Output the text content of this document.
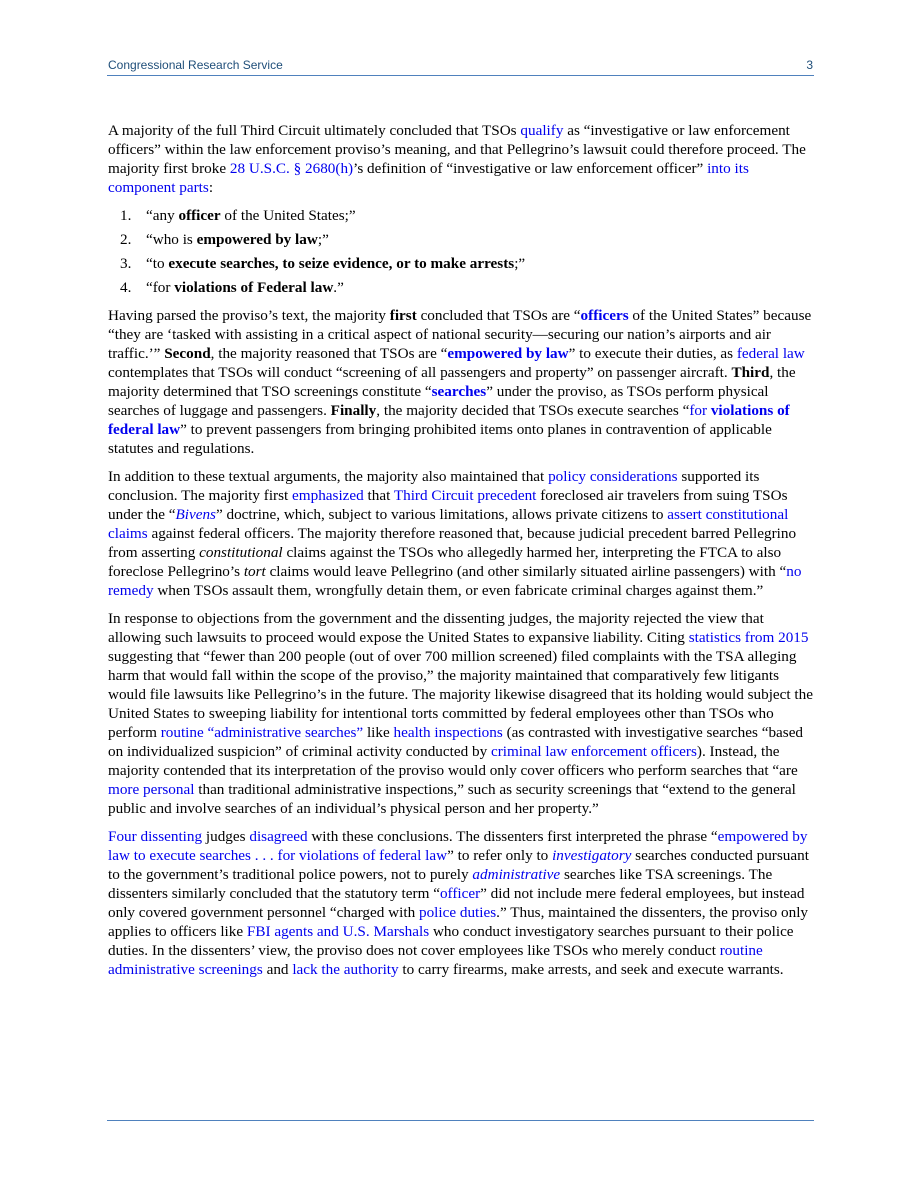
Congressional Research Service	3

A majority of the full Third Circuit ultimately concluded that TSOs qualify as “investigative or law enforcement officers” within the law enforcement proviso’s meaning, and that Pellegrino’s lawsuit could therefore proceed. The majority first broke 28 U.S.C. § 2680(h)’s definition of “investigative or law enforcement officer” into its component parts:

1. “any officer of the United States;”
2. “who is empowered by law;”
3. “to execute searches, to seize evidence, or to make arrests;”
4. “for violations of Federal law.”

Having parsed the proviso’s text, the majority first concluded that TSOs are “officers of the United States” because “they are ‘tasked with assisting in a critical aspect of national security—securing our nation’s airports and air traffic.’” Second, the majority reasoned that TSOs are “empowered by law” to execute their duties, as federal law contemplates that TSOs will conduct “screening of all passengers and property” on passenger aircraft. Third, the majority determined that TSO screenings constitute “searches” under the proviso, as TSOs perform physical searches of luggage and passengers. Finally, the majority decided that TSOs execute searches “for violations of federal law” to prevent passengers from bringing prohibited items onto planes in contravention of applicable statutes and regulations.

In addition to these textual arguments, the majority also maintained that policy considerations supported its conclusion. The majority first emphasized that Third Circuit precedent foreclosed air travelers from suing TSOs under the “Bivens” doctrine, which, subject to various limitations, allows private citizens to assert constitutional claims against federal officers. The majority therefore reasoned that, because judicial precedent barred Pellegrino from asserting constitutional claims against the TSOs who allegedly harmed her, interpreting the FTCA to also foreclose Pellegrino’s tort claims would leave Pellegrino (and other similarly situated airline passengers) with “no remedy when TSOs assault them, wrongfully detain them, or even fabricate criminal charges against them.”

In response to objections from the government and the dissenting judges, the majority rejected the view that allowing such lawsuits to proceed would expose the United States to expansive liability. Citing statistics from 2015 suggesting that “fewer than 200 people (out of over 700 million screened) filed complaints with the TSA alleging harm that would fall within the scope of the proviso,” the majority maintained that comparatively few litigants would file lawsuits like Pellegrino’s in the future. The majority likewise disagreed that its holding would subject the United States to sweeping liability for intentional torts committed by federal employees other than TSOs who perform routine “administrative searches” like health inspections (as contrasted with investigative searches “based on individualized suspicion” of criminal activity conducted by criminal law enforcement officers). Instead, the majority contended that its interpretation of the proviso would only cover officers who perform searches that “are more personal than traditional administrative inspections,” such as security screenings that “extend to the general public and involve searches of an individual’s physical person and her property.”

Four dissenting judges disagreed with these conclusions. The dissenters first interpreted the phrase “empowered by law to execute searches . . . for violations of federal law” to refer only to investigatory searches conducted pursuant to the government’s traditional police powers, not to purely administrative searches like TSA screenings. The dissenters similarly concluded that the statutory term “officer” did not include mere federal employees, but instead only covered government personnel “charged with police duties.” Thus, maintained the dissenters, the proviso only applies to officers like FBI agents and U.S. Marshals who conduct investigatory searches pursuant to their police duties. In the dissenters’ view, the proviso does not cover employees like TSOs who merely conduct routine administrative screenings and lack the authority to carry firearms, make arrests, and seek and execute warrants.
